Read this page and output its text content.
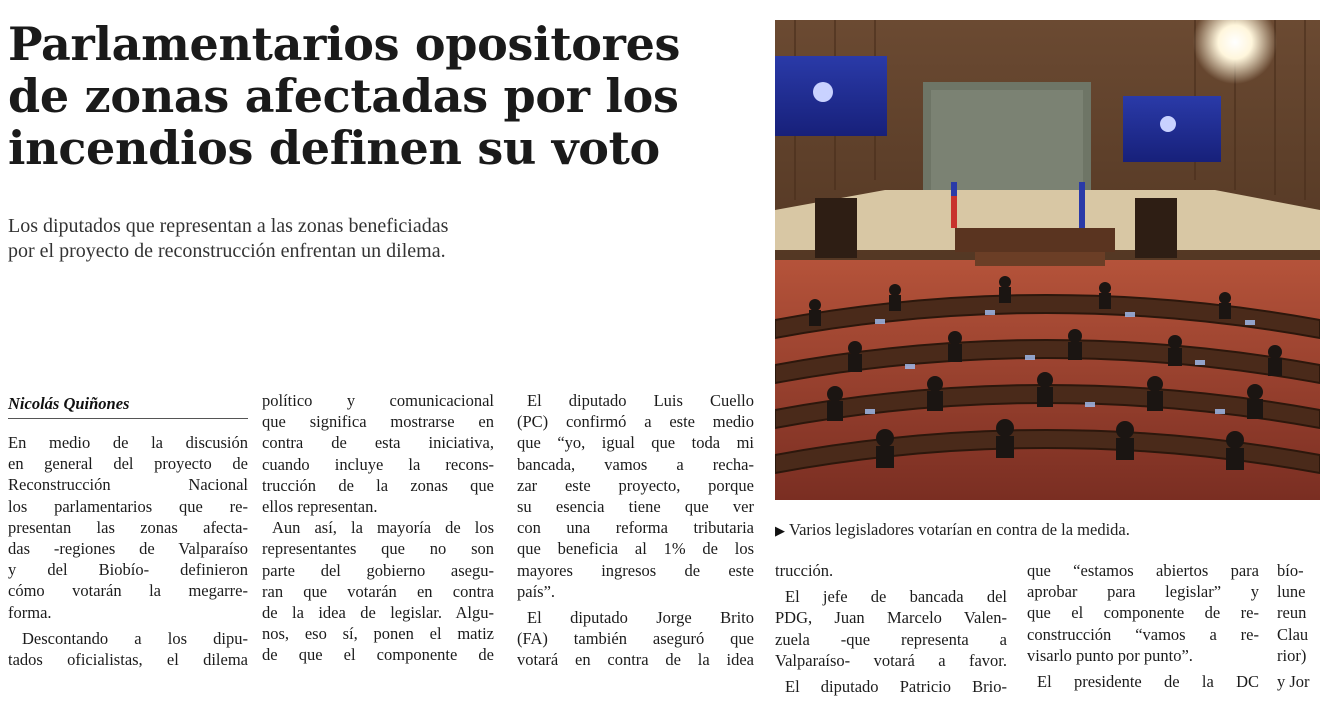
Parlamentarios opositores
de zonas afectadas por los
incendios definen su voto
Los diputados que representan a las zonas beneficiadas
por el proyecto de reconstrucción enfrentan un dilema.
Nicolás Quiñones
En medio de la discusión
en general del proyecto de
Reconstrucción Nacional
los parlamentarios que re-
presentan las zonas afecta-
das -regiones de Valparaíso
y del Biobío- definieron
cómo votarán la megarre-
forma.
Descontando a los dipu-
tados oficialistas, el dilema
político y comunicacional
que significa mostrarse en
contra de esta iniciativa,
cuando incluye la recons-
trucción de la zonas que
ellos representan.
Aun así, la mayoría de los
representantes que no son
parte del gobierno asegu-
ran que votarán en contra
de la idea de legislar. Algu-
nos, eso sí, ponen el matiz
de que el componente de
El diputado Luis Cuello
(PC) confirmó a este medio
que “yo, igual que toda mi
bancada, vamos a recha-
zar este proyecto, porque
su esencia tiene que ver
con una reforma tributaria
que beneficia al 1% de los
mayores ingresos de este
país”.
El diputado Jorge Brito
(FA) también aseguró que
votará en contra de la idea
▶ Varios legisladores votarían en contra de la medida.
trucción.
El jefe de bancada del
PDG, Juan Marcelo Valen-
zuela -que representa a
Valparaíso- votará a favor.
El diputado Patricio Brio-
que “estamos abiertos para
aprobar para legislar” y
que el componente de re-
construcción “vamos a re-
visarlo punto por punto”.
El presidente de la DC
bío-
lune
reun
Clau
rior)
y Jor
